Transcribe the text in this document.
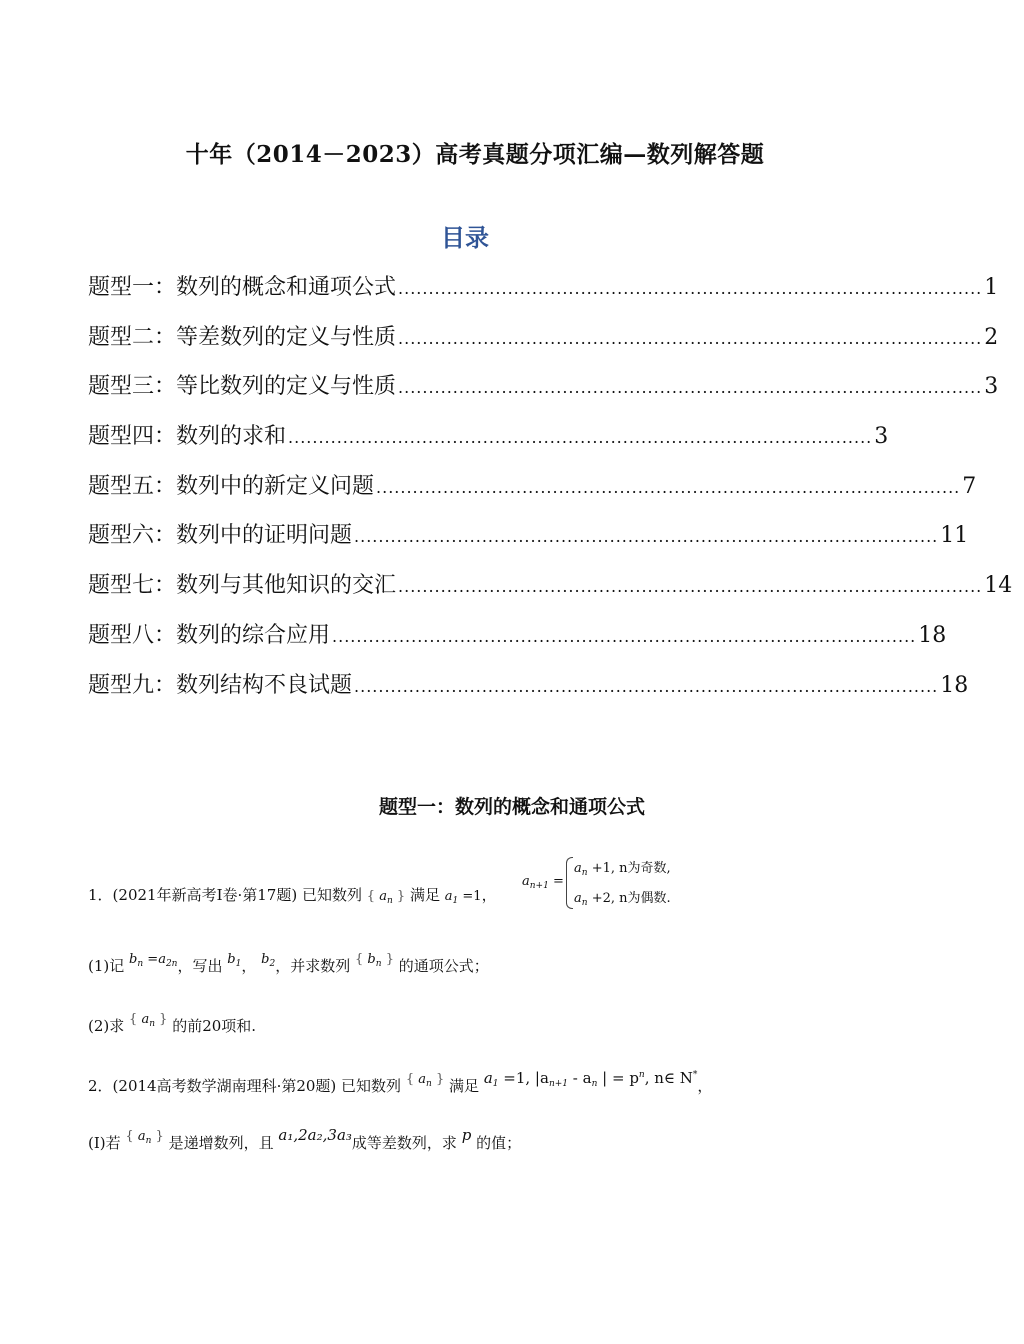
十年（2014－2023）高考真题分项汇编—数列解答题
目录
题型一：数列的概念和通项公式 ................................................................................................ 1
题型二：等差数列的定义与性质 ................................................................................................ 2
题型三：等比数列的定义与性质 ................................................................................................ 3
题型四：数列的求和 ................................................................................................ 3
题型五：数列中的新定义问题 ................................................................................................ 7
题型六：数列中的证明问题 ................................................................................................ 11
题型七：数列与其他知识的交汇 ................................................................................................ 14
题型八：数列的综合应用 ................................................................................................ 18
题型九：数列结构不良试题 ................................................................................................ 18
题型一：数列的概念和通项公式
1．(2021年新高考Ⅰ卷·第17题) 已知数列 { $a_n$ } 满足 $a_1 =1$，
$a_{n+1}$ =
$a_n +1$, n为奇数,
$a_n +2$, n为偶数.
(1)记 $b_n =a_{2n}$，写出 $b_1$， $b_2$，并求数列 { $b_n$ } 的通项公式；
(2)求 { $a_n$ } 的前20项和.
2．(2014高考数学湖南理科·第20题) 已知数列 { $a_n$ } 满足 $a_1 =1$, $|a_{n+1} - a_n$ | = $p^n$, n∈ N*，
(I)若 { $a_n$ } 是递增数列，且 a₁,2a₂,3a₃成等差数列，求 p 的值；
